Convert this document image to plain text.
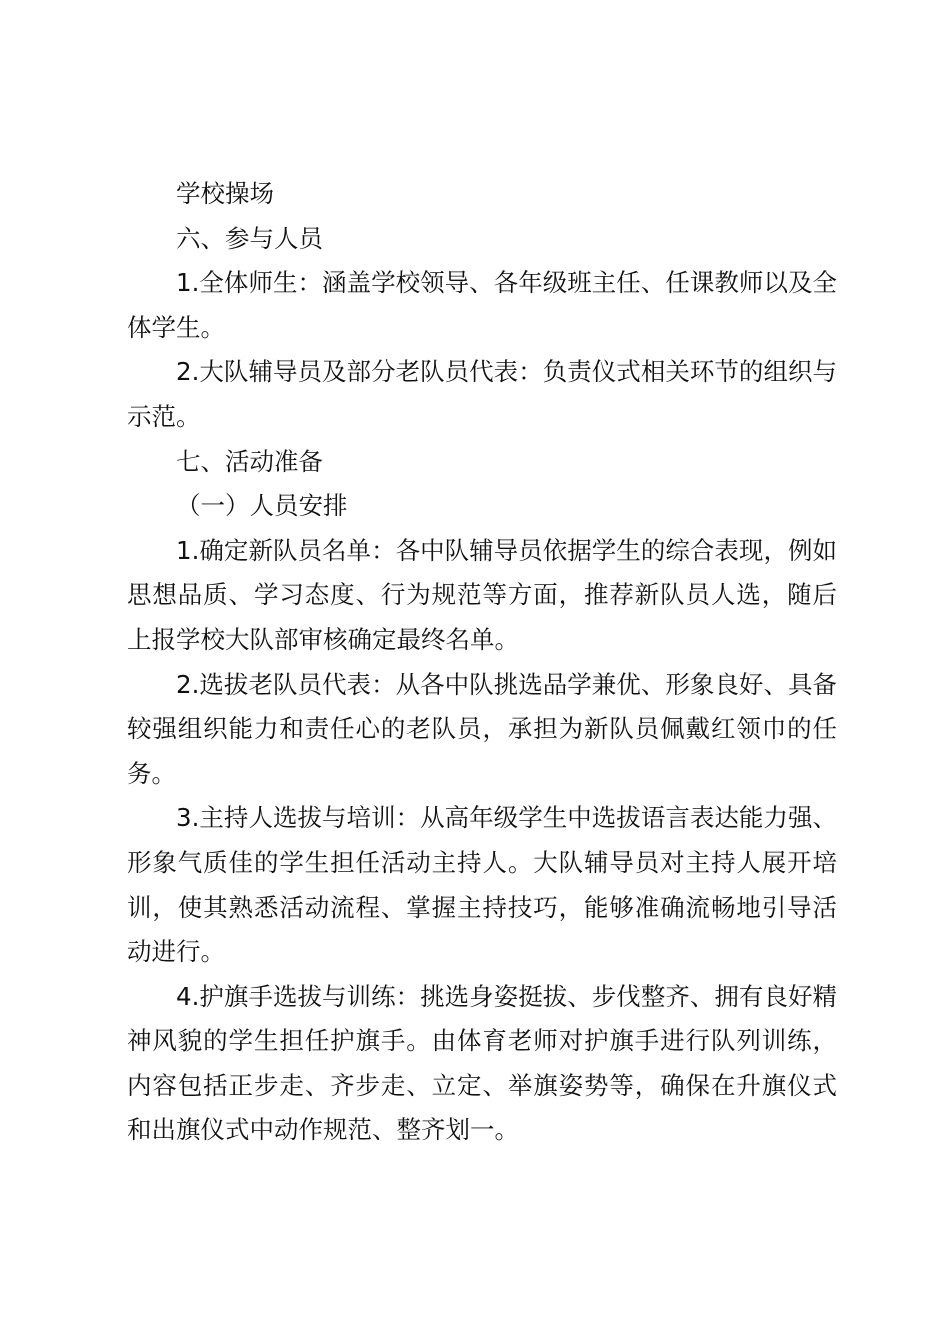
学校操场

六、参与人员

1.全体师生：涵盖学校领导、各年级班主任、任课教师以及全体学生。

2.大队辅导员及部分老队员代表：负责仪式相关环节的组织与示范。

七、活动准备

（一）人员安排

1.确定新队员名单：各中队辅导员依据学生的综合表现，例如思想品质、学习态度、行为规范等方面，推荐新队员人选，随后上报学校大队部审核确定最终名单。

2.选拔老队员代表：从各中队挑选品学兼优、形象良好、具备较强组织能力和责任心的老队员，承担为新队员佩戴红领巾的任务。

3.主持人选拔与培训：从高年级学生中选拔语言表达能力强、形象气质佳的学生担任活动主持人。大队辅导员对主持人展开培训，使其熟悉活动流程、掌握主持技巧，能够准确流畅地引导活动进行。

4.护旗手选拔与训练：挑选身姿挺拔、步伐整齐、拥有良好精神风貌的学生担任护旗手。由体育老师对护旗手进行队列训练，内容包括正步走、齐步走、立定、举旗姿势等，确保在升旗仪式和出旗仪式中动作规范、整齐划一。
